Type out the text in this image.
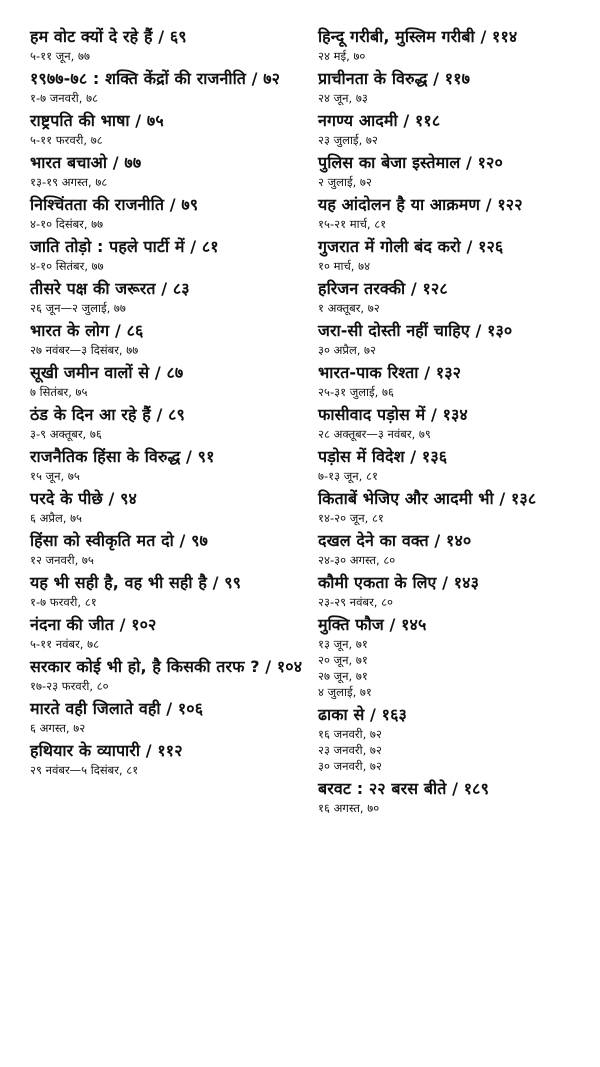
हम वोट क्यों दे रहे हैं / ६९
५-११ जून, ७७
१९७७-७८ : शक्ति केंद्रों की राजनीति / ७२
१-७ जनवरी, ७८
राष्ट्रपति की भाषा / ७५
५-११ फरवरी, ७८
भारत बचाओ / ७७
१३-१९ अगस्त, ७८
निश्चिंतता की राजनीति / ७९
४-१० दिसंबर, ७७
जाति तोड़ो : पहले पार्टी में / ८१
४-१० सितंबर, ७७
तीसरे पक्ष की जरूरत / ८३
२६ जून—२ जुलाई, ७७
भारत के लोग / ८६
२७ नवंबर—३ दिसंबर, ७७
सूखी जमीन वालों से / ८७
७ सितंबर, ७५
ठंड के दिन आ रहे हैं / ८९
३-९ अक्तूबर, ७६
राजनैतिक हिंसा के विरुद्ध / ९१
१५ जून, ७५
परदे के पीछे / ९४
६ अप्रैल, ७५
हिंसा को स्वीकृति मत दो / ९७
१२ जनवरी, ७५
यह भी सही है, वह भी सही है / ९९
१-७ फरवरी, ८१
नंदना की जीत / १०२
५-११ नवंबर, ७८
सरकार कोई भी हो, है किसकी तरफ ? / १०४
१७-२३ फरवरी, ८०
मारते वही जिलाते वही / १०६
६ अगस्त, ७२
हथियार के व्यापारी / ११२
२९ नवंबर—५ दिसंबर, ८१
हिन्दू गरीबी, मुस्लिम गरीबी / ११४
२४ मई, ७०
प्राचीनता के विरुद्ध / ११७
२४ जून, ७३
नगण्य आदमी / ११८
२३ जुलाई, ७२
पुलिस का बेजा इस्तेमाल / १२०
२ जुलाई, ७२
यह आंदोलन है या आक्रमण / १२२
१५-२१ मार्च, ८१
गुजरात में गोली बंद करो / १२६
१० मार्च, ७४
हरिजन तरक्की / १२८
१ अक्तूबर, ७२
जरा-सी दोस्ती नहीं चाहिए / १३०
३० अप्रैल, ७२
भारत-पाक रिश्ता / १३२
२५-३१ जुलाई, ७६
फासीवाद पड़ोस में / १३४
२८ अक्तूबर—३ नवंबर, ७९
पड़ोस में विदेश / १३६
७-१३ जून, ८१
किताबें भेजिए और आदमी भी / १३८
१४-२० जून, ८१
दखल देने का वक्त / १४०
२४-३० अगस्त, ८०
कौमी एकता के लिए / १४३
२३-२९ नवंबर, ८०
मुक्ति फौज / १४५
१३ जून, ७१
२० जून, ७१
२७ जून, ७१
४ जुलाई, ७१
ढाका से / १६३
१६ जनवरी, ७२
२३ जनवरी, ७२
३० जनवरी, ७२
बरवट : २२ बरस बीते / १८९
१६ अगस्त, ७०
